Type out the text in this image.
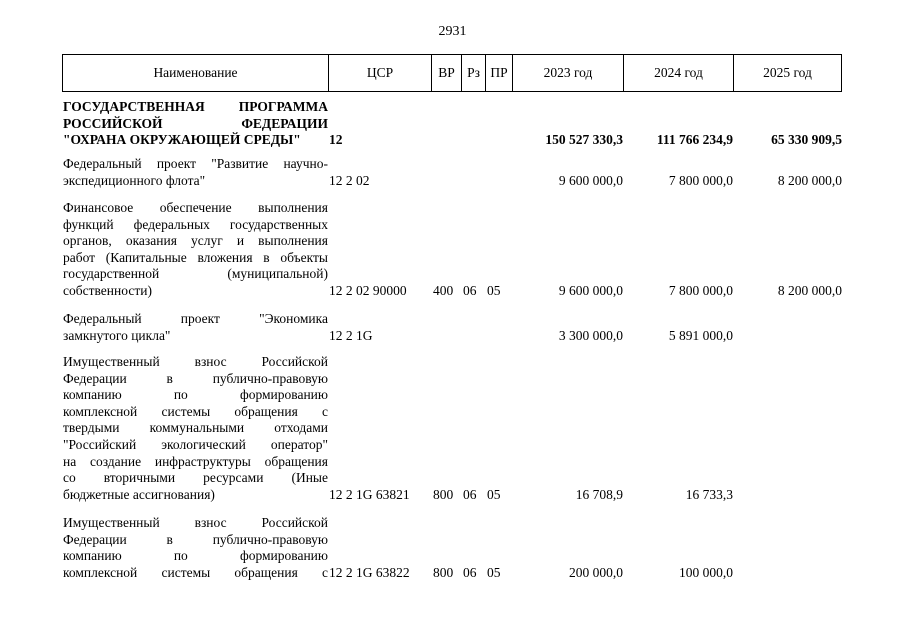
2931
Наименование	ЦСР	ВР Рз ПР	2023 год	2024 год	2025 год
ГОСУДАРСТВЕННАЯ ПРОГРАММА
РОССИЙСКОЙ ФЕДЕРАЦИИ
"ОХРАНА ОКРУЖАЮЩЕЙ СРЕДЫ"	12	150 527 330,3	111 766 234,9	65 330 909,5
Федеральный проект "Развитие научно-
экспедиционного флота"	12 2 02	9 600 000,0	7 800 000,0	8 200 000,0
Финансовое обеспечение выполнения
функций федеральных государственных
органов, оказания услуг и выполнения
работ (Капитальные вложения в объекты
государственной (муниципальной)
собственности)	12 2 02 90000 400 06 05	9 600 000,0	7 800 000,0	8 200 000,0
Федеральный проект "Экономика
замкнутого цикла"	12 2 1G	3 300 000,0	5 891 000,0
Имущественный взнос Российской
Федерации в публично-правовую
компанию по формированию
комплексной системы обращения с
твердыми коммунальными отходами
"Российский экологический оператор"
на создание инфраструктуры обращения
со вторичными ресурсами (Иные
бюджетные ассигнования)	12 2 1G 63821 800 06 05	16 708,9	16 733,3
Имущественный взнос Российской
Федерации в публично-правовую
компанию по формированию
комплексной системы обращения с 12 2 1G 63822 800 06 05	200 000,0	100 000,0
